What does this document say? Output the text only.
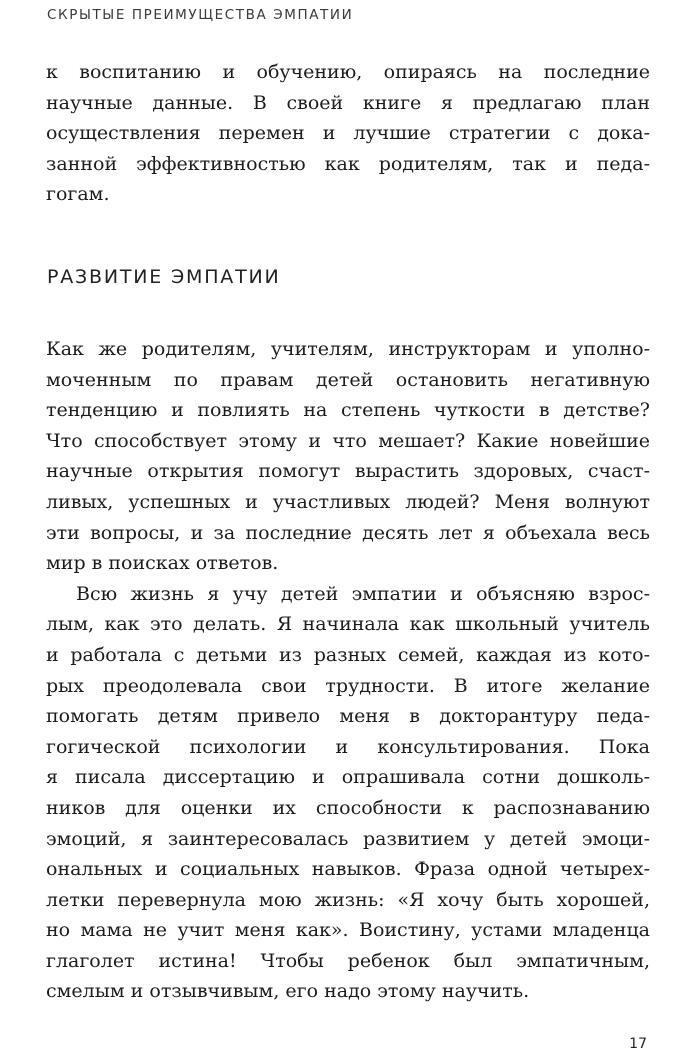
СКРЫТЫЕ ПРЕИМУЩЕСТВА ЭМПАТИИ
к воспитанию и обучению, опираясь на последние
научные данные. В своей книге я предлагаю план
осуществления перемен и лучшие стратегии с дока-
занной эффективностью как родителям, так и педа-
гогам.
РАЗВИТИЕ ЭМПАТИИ
Как же родителям, учителям, инструкторам и уполно-
моченным по правам детей остановить негативную
тенденцию и повлиять на степень чуткости в детстве?
Что способствует этому и что мешает? Какие новейшие
научные открытия помогут вырастить здоровых, счаст-
ливых, успешных и участливых людей? Меня волнуют
эти вопросы, и за последние десять лет я объехала весь
мир в поисках ответов.
Всю жизнь я учу детей эмпатии и объясняю взрос-
лым, как это делать. Я начинала как школьный учитель
и работала с детьми из разных семей, каждая из кото-
рых преодолевала свои трудности. В итоге желание
помогать детям привело меня в докторантуру педа-
гогической психологии и консультирования. Пока
я писала диссертацию и опрашивала сотни дошколь-
ников для оценки их способности к распознаванию
эмоций, я заинтересовалась развитием у детей эмоци-
ональных и социальных навыков. Фраза одной четырех-
летки перевернула мою жизнь: «Я хочу быть хорошей,
но мама не учит меня как». Воистину, устами младенца
глаголет истина! Чтобы ребенок был эмпатичным,
смелым и отзывчивым, его надо этому научить.
17
